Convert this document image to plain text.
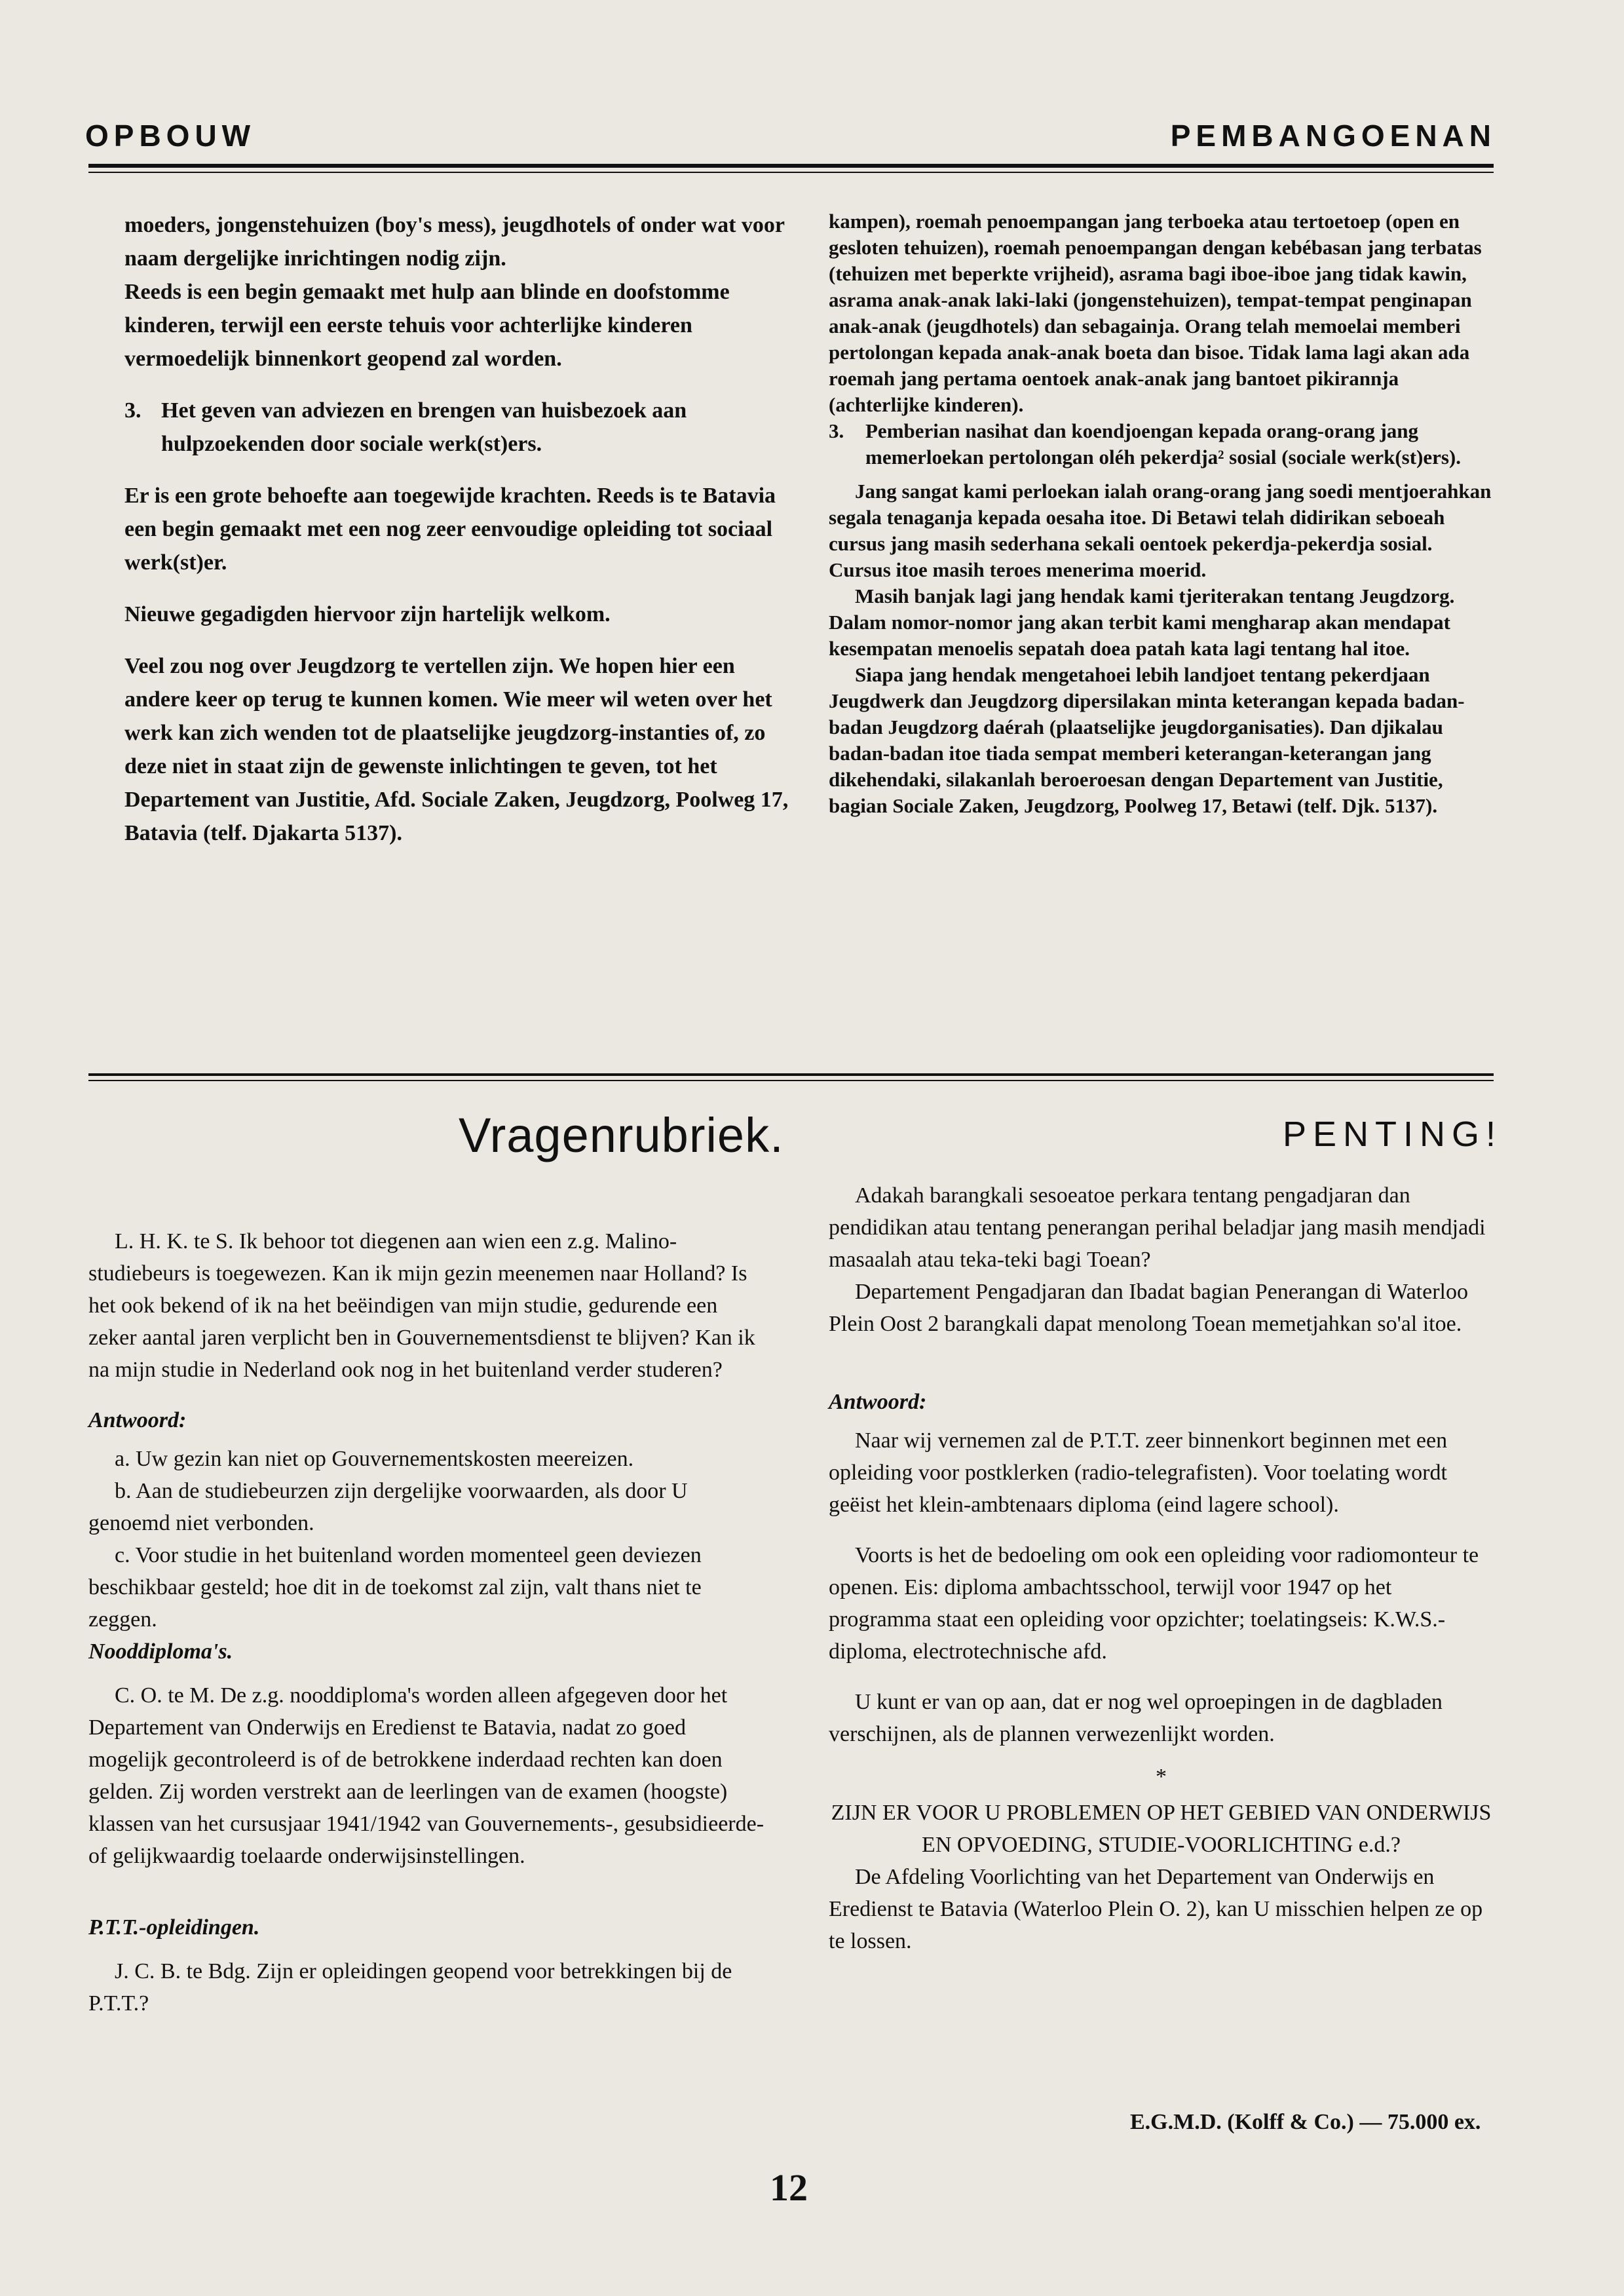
OPBOUW	PEMBANGOENAN

moeders, jongenstehuizen (boy's mess), jeugdhotels of onder wat voor naam dergelijke inrichtingen nodig zijn.

Reeds is een begin gemaakt met hulp aan blinde en doofstomme kinderen, terwijl een eerste tehuis voor achterlijke kinderen vermoedelijk binnenkort geopend zal worden.

3. Het geven van adviezen en brengen van huisbezoek aan hulpzoekenden door sociale werk(st)ers.

Er is een grote behoefte aan toegewijde krachten. Reeds is te Batavia een begin gemaakt met een nog zeer eenvoudige opleiding tot sociaal werk(st)er.

Nieuwe gegadigden hiervoor zijn hartelijk welkom.

Veel zou nog over Jeugdzorg te vertellen zijn. We hopen hier een andere keer op terug te kunnen komen. Wie meer wil weten over het werk kan zich wenden tot de plaatselijke jeugdzorg-instanties of, zo deze niet in staat zijn de gewenste inlichtingen te geven, tot het Departement van Justitie, Afd. Sociale Zaken, Jeugdzorg, Poolweg 17, Batavia (telf. Djakarta 5137).

kampen), roemah penoempangan jang terboeka atau tertoetoep (open en gesloten tehuizen), roemah penoempangan dengan kebébasan jang terbatas (tehuizen met beperkte vrijheid), asrama bagi iboe-iboe jang tidak kawin, asrama anak-anak laki-laki (jongenstehuizen), tempat-tempat penginapan anak-anak (jeugdhotels) dan sebagainja. Orang telah memoelai memberi pertolongan kepada anak-anak boeta dan bisoe. Tidak lama lagi akan ada roemah jang pertama oentoek anak-anak jang bantoet pikirannja (achterlijke kinderen).

3.	Pemberian nasihat dan koendjoengan kepada orang-orang jang memerloekan pertolongan oléh pekerdja² sosial (sociale werk(st)ers).

Jang sangat kami perloekan ialah orang-orang jang soedi mentjoerahkan segala tenaganja kepada oesaha itoe. Di Betawi telah didirikan seboeah cursus jang masih sederhana sekali oentoek pekerdja-pekerdja sosial. Cursus itoe masih teroes menerima moerid.

Masih banjak lagi jang hendak kami tjeriterakan tentang Jeugdzorg. Dalam nomor-nomor jang akan terbit kami mengharap akan mendapat kesempatan menoelis sepatah doea patah kata lagi tentang hal itoe.

Siapa jang hendak mengetahoei lebih landjoet tentang pekerdjaan Jeugdwerk dan Jeugdzorg dipersilakan minta keterangan kepada badan-badan Jeugdzorg daérah (plaatselijke jeugdorganisaties). Dan djikalau badan-badan itoe tiada sempat memberi keterangan-keterangan jang dikehendaki, silakanlah beroeroesan dengan Departement van Justitie, bagian Sociale Zaken, Jeugdzorg, Poolweg 17, Betawi (telf. Djk. 5137).

Vragenrubriek.

L. H. K. te S. Ik behoor tot diegenen aan wien een z.g. Malino-studiebeurs is toegewezen. Kan ik mijn gezin meenemen naar Holland? Is het ook bekend of ik na het beëindigen van mijn studie, gedurende een zeker aantal jaren verplicht ben in Gouvernementsdienst te blijven? Kan ik na mijn studie in Nederland ook nog in het buitenland verder studeren?

Antwoord:

a. Uw gezin kan niet op Gouvernementskosten meereizen.

b. Aan de studiebeurzen zijn dergelijke voorwaarden, als door U genoemd niet verbonden.

c. Voor studie in het buitenland worden momenteel geen deviezen beschikbaar gesteld; hoe dit in de toekomst zal zijn, valt thans niet te zeggen.

Nooddiploma's.

C. O. te M. De z.g. nooddiploma's worden alleen afgegeven door het Departement van Onderwijs en Eredienst te Batavia, nadat zo goed mogelijk gecontroleerd is of de betrokkene inderdaad rechten kan doen gelden. Zij worden verstrekt aan de leerlingen van de examen (hoogste) klassen van het cursusjaar 1941/1942 van Gouvernements-, gesubsidieerde-of gelijkwaardig toelaarde onderwijsinstellingen.

P.T.T.-opleidingen.

J. C. B. te Bdg. Zijn er opleidingen geopend voor betrekkingen bij de P.T.T.?

PENTING!

Adakah barangkali sesoeatoe perkara tentang pengadjaran dan pendidikan atau tentang penerangan perihal beladjar jang masih mendjadi masaalah atau teka-teki bagi Toean?

Departement Pengadjaran dan Ibadat bagian Penerangan di Waterloo Plein Oost 2 barangkali dapat menolong Toean memetjahkan so'al itoe.

Antwoord:

Naar wij vernemen zal de P.T.T. zeer binnenkort beginnen met een opleiding voor postklerken (radio-telegrafisten). Voor toelating wordt geëist het klein-ambtenaars diploma (eind lagere school).

Voorts is het de bedoeling om ook een opleiding voor radiomonteur te openen. Eis: diploma ambachtsschool, terwijl voor 1947 op het programma staat een opleiding voor opzichter; toelatingseis: K.W.S.-diploma, electrotechnische afd.

U kunt er van op aan, dat er nog wel oproepingen in de dagbladen verschijnen, als de plannen verwezenlijkt worden.

*

ZIJN ER VOOR U PROBLEMEN OP HET GEBIED VAN ONDERWIJS EN OPVOEDING, STUDIE-VOORLICHTING e.d.?

De Afdeling Voorlichting van het Departement van Onderwijs en Eredienst te Batavia (Waterloo Plein O. 2), kan U misschien helpen ze op te lossen.

E.G.M.D. (Kolff & Co.) — 75.000 ex.
12
